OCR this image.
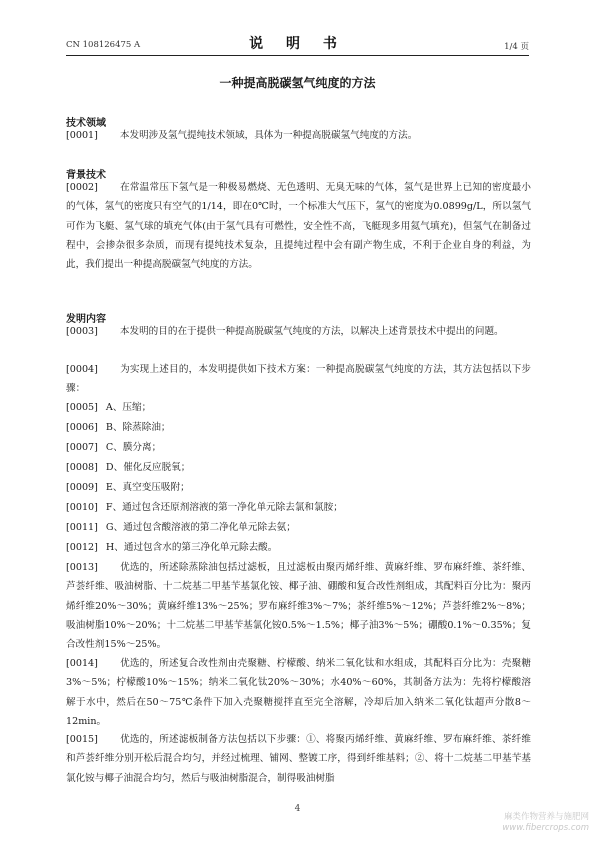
CN 108126475 A	说 明 书	1/4 页
一种提高脱碳氢气纯度的方法
技术领域
[0001] 本发明涉及氢气提纯技术领域，具体为一种提高脱碳氢气纯度的方法。
背景技术
[0002] 在常温常压下氢气是一种极易燃烧、无色透明、无臭无味的气体，氢气是世界上已知的密度最小的气体，氢气的密度只有空气的1/14，即在0℃时，一个标准大气压下，氢气的密度为0.0899g/L，所以氢气可作为飞艇、氢气球的填充气体(由于氢气具有可燃性，安全性不高，飞艇现多用氦气填充)，但氢气在制备过程中，会掺杂很多杂质，而现有提纯技术复杂，且提纯过程中会有副产物生成，不利于企业自身的利益，为此，我们提出一种提高脱碳氢气纯度的方法。
发明内容
[0003] 本发明的目的在于提供一种提高脱碳氢气纯度的方法，以解决上述背景技术中提出的问题。
[0004] 为实现上述目的，本发明提供如下技术方案：一种提高脱碳氢气纯度的方法，其方法包括以下步骤：
[0005] A、压缩；
[0006] B、除蒸除油；
[0007] C、膜分离；
[0008] D、催化反应脱氧；
[0009] E、真空变压吸附；
[0010] F、通过包含还原剂溶液的第一净化单元除去氯和氯胺；
[0011] G、通过包含酸溶液的第二净化单元除去氨；
[0012] H、通过包含水的第三净化单元除去酸。
[0013] 优选的，所述除蒸除油包括过滤板，且过滤板由聚丙烯纤维、黄麻纤维、罗布麻纤维、茶纤维、芦荟纤维、吸油树脂、十二烷基二甲基苄基氯化铵、椰子油、硼酸和复合改性剂组成，其配料百分比为：聚丙烯纤维20%～30%；黄麻纤维13%～25%；罗布麻纤维3%～7%；茶纤维5%～12%；芦荟纤维2%～8%；吸油树脂10%～20%；十二烷基二甲基苄基氯化铵0.5%～1.5%；椰子油3%～5%；硼酸0.1%～0.35%；复合改性剂15%～25%。
[0014] 优选的，所述复合改性剂由壳聚糖、柠檬酸、纳米二氧化钛和水组成，其配料百分比为：壳聚糖3%～5%；柠檬酸10%～15%；纳米二氧化钛20%～30%；水40%～60%，其制备方法为：先将柠檬酸溶解于水中，然后在50～75℃条件下加入壳聚糖搅拌直至完全溶解，冷却后加入纳米二氧化钛超声分散8～12min。
[0015] 优选的，所述滤板制备方法包括以下步骤：①、将聚丙烯纤维、黄麻纤维、罗布麻纤维、茶纤维和芦荟纤维分别开松后混合均匀，并经过梳理、铺网、整镀工序，得到纤维基料；②、将十二烷基二甲基苄基氯化铵与椰子油混合均匀，然后与吸油树脂混合，制得吸油树脂
4
麻类作物营养与施肥网
www.fibercrops.com
